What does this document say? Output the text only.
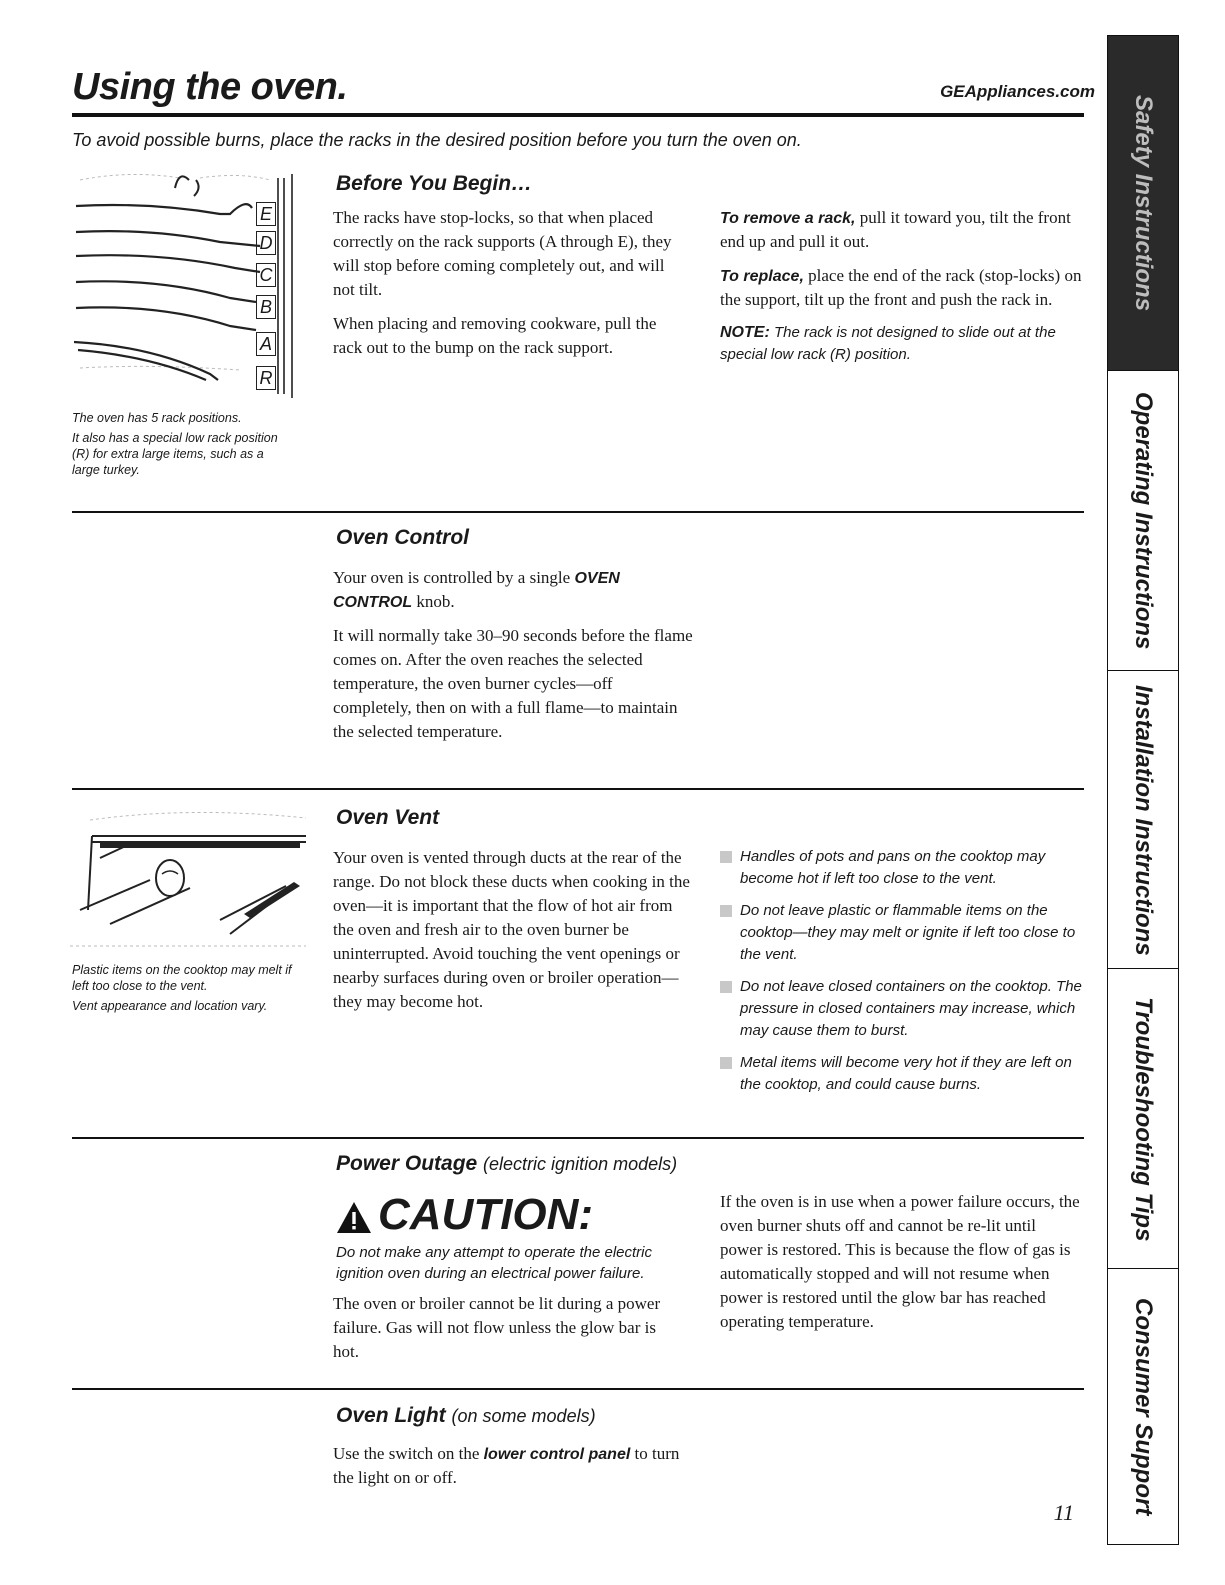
Using the oven.	GEAppliances.com
To avoid possible burns, place the racks in the desired position before you turn the oven on.
E
D
C
B
A
R

The oven has 5 rack positions.

It also has a special low rack position (R) for extra large items, such as a large turkey.

Before You Begin…

The racks have stop-locks, so that when placed correctly on the rack supports (A through E), they will stop before coming completely out, and will not tilt.

When placing and removing cookware, pull the rack out to the bump on the rack support.

To remove a rack, pull it toward you, tilt the front end up and pull it out.

To replace, place the end of the rack (stop-locks) on the support, tilt up the front and push the rack in.

NOTE: The rack is not designed to slide out at the special low rack (R) position.

Oven Control

Your oven is controlled by a single OVEN CONTROL knob.

It will normally take 30–90 seconds before the flame comes on. After the oven reaches the selected temperature, the oven burner cycles—off completely, then on with a full flame—to maintain the selected temperature.

Plastic items on the cooktop may melt if left too close to the vent.

Vent appearance and location vary.

Oven Vent

Your oven is vented through ducts at the rear of the range. Do not block these ducts when cooking in the oven—it is important that the flow of hot air from the oven and fresh air to the oven burner be uninterrupted. Avoid touching the vent openings or nearby surfaces during oven or broiler operation—they may become hot.

Handles of pots and pans on the cooktop may become hot if left too close to the vent.
Do not leave plastic or flammable items on the cooktop—they may melt or ignite if left too close to the vent.
Do not leave closed containers on the cooktop. The pressure in closed containers may increase, which may cause them to burst.
Metal items will become very hot if they are left on the cooktop, and could cause burns.
Power Outage (electric ignition models)
CAUTION:
Do not make any attempt to operate the electric ignition oven during an electrical power failure.

The oven or broiler cannot be lit during a power failure. Gas will not flow unless the glow bar is hot.

If the oven is in use when a power failure occurs, the oven burner shuts off and cannot be re-lit until power is restored. This is because the flow of gas is automatically stopped and will not resume when power is restored until the glow bar has reached operating temperature.

Oven Light (on some models)

Use the switch on the lower control panel to turn the light on or off.

11
Safety Instructions
Operating Instructions
Installation Instructions
Troubleshooting Tips
Consumer Support
